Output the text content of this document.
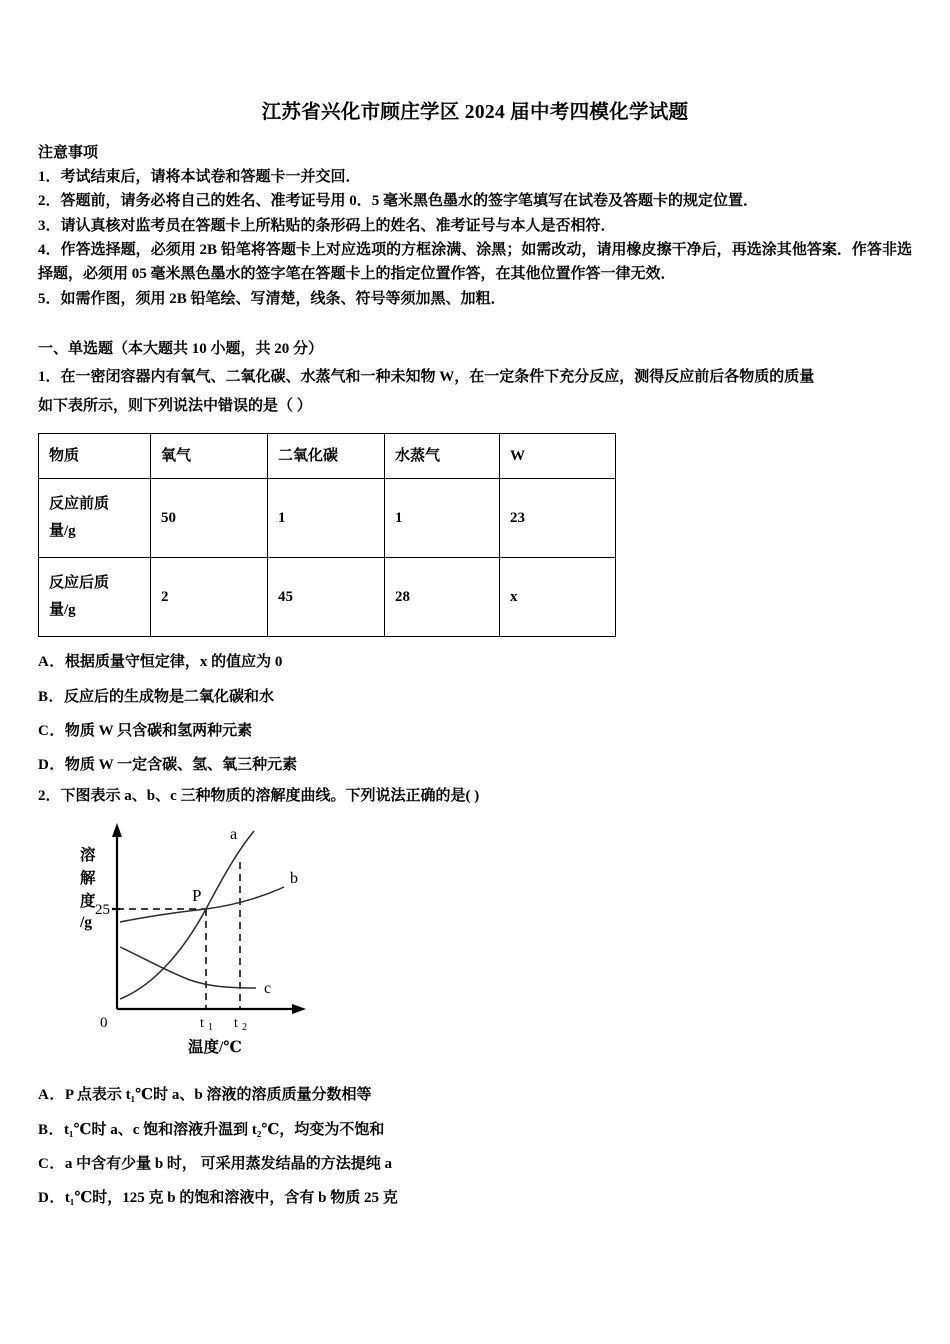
江苏省兴化市顾庄学区 2024 届中考四模化学试题
注意事项
1．考试结束后，请将本试卷和答题卡一并交回．
2．答题前，请务必将自己的姓名、准考证号用 0．5 毫米黑色墨水的签字笔填写在试卷及答题卡的规定位置．
3．请认真核对监考员在答题卡上所粘贴的条形码上的姓名、准考证号与本人是否相符．
4．作答选择题，必须用 2B 铅笔将答题卡上对应选项的方框涂满、涂黑；如需改动，请用橡皮擦干净后，再选涂其他答案．作答非选择题，必须用 05 毫米黑色墨水的签字笔在答题卡上的指定位置作答，在其他位置作答一律无效．
5．如需作图，须用 2B 铅笔绘、写清楚，线条、符号等须加黑、加粗．
一、单选题（本大题共 10 小题，共 20 分）
1．在一密闭容器内有氧气、二氧化碳、水蒸气和一种未知物 W，在一定条件下充分反应，测得反应前后各物质的质量
如下表所示，则下列说法中错误的是（ ）
物质	氧气	二氧化碳	水蒸气	W

反应前质
量/g	50	1	1	23

反应后质
量/g	2	45	28	x
A．根据质量守恒定律，x 的值应为 0
B．反应后的生成物是二氧化碳和水
C．物质 W 只含碳和氢两种元素
D．物质 W 一定含碳、氢、氧三种元素
2．下图表示 a、b、c 三种物质的溶解度曲线。下列说法正确的是( )
溶
解
度
/g
25
0	t 1 t 2
温度/℃
P
a
b
c
A．P 点表示 t₁℃时 a、b 溶液的溶质质量分数相等
B．t₁℃时 a、c 饱和溶液升温到 t₂℃，均变为不饱和
C．a 中含有少量 b 时， 可采用蒸发结晶的方法提纯 a
D．t₁℃时，125 克 b 的饱和溶液中，含有 b 物质 25 克
